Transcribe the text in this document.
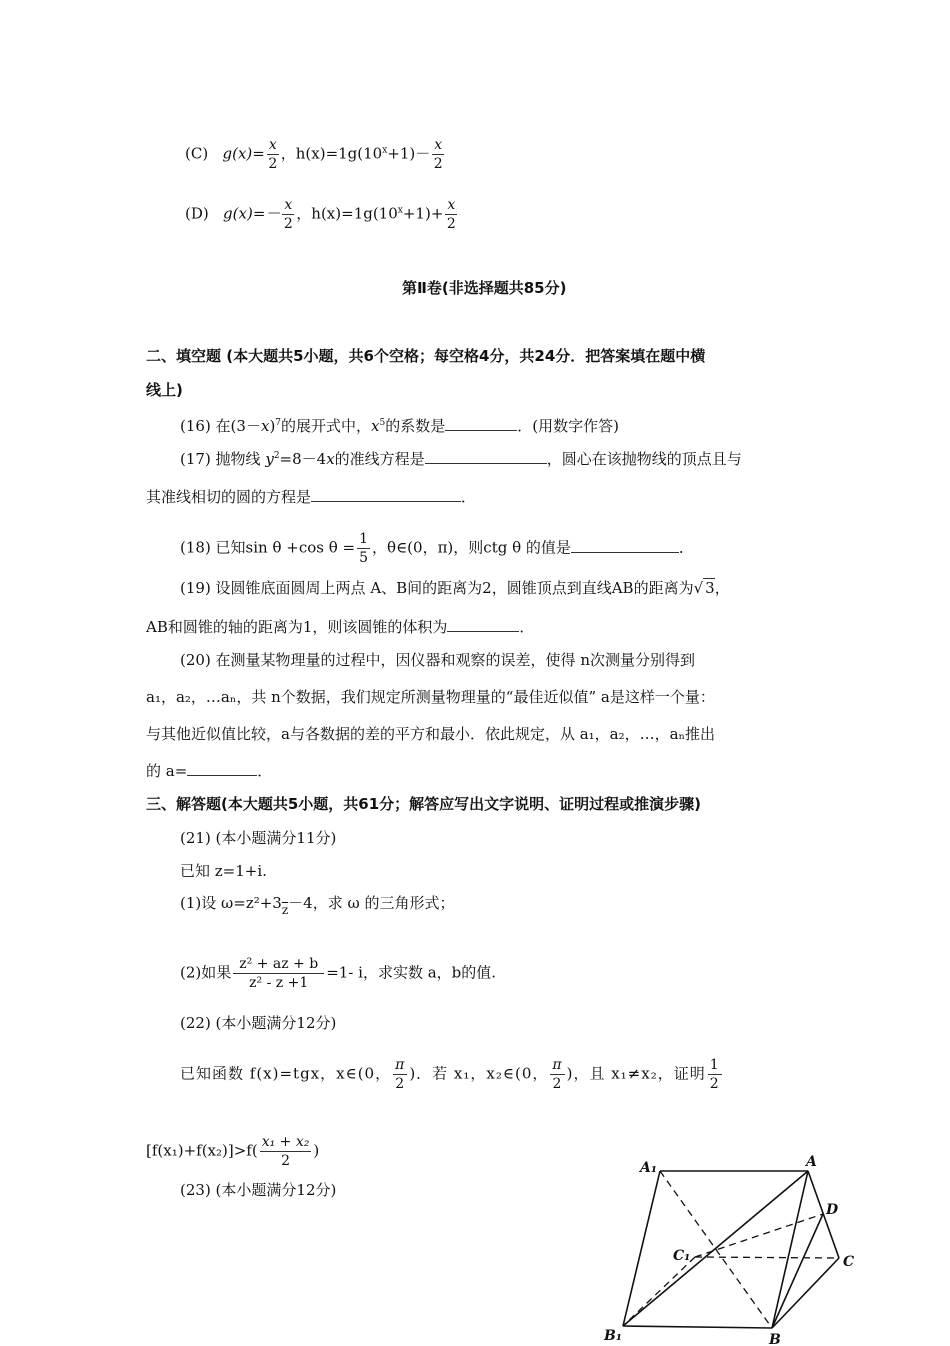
(C) $g(x)= \frac{x}{2}$ ，$h(x)=1g(10^x+1)- \frac{x}{2}$
(D) $g(x)=- \frac{x}{2}$ ，$h(x)=1g(10^x+1)+ \frac{x}{2}$
第Ⅱ卷(非选择题共85分)
二、填空题 (本大题共5小题，共6个空格；每空格4分，共24分．把答案填在题中横
线上)
(16) 在$(3-x)^7$的展开式中，$x^5$的系数是	．(用数字作答)
(17) 抛物线 $y^2=8-4x$的准线方程是	，圆心在该抛物线的顶点且与
其准线相切的圆的方程是	．
(18) 已知sin θ +cos $\theta = \frac{1}{5}$ ，θ∈(0，π)，则ctg θ 的值是	．
(19) 设圆锥底面圆周上两点 A、B间的距离为2，圆锥顶点到直线AB的距离为√ 3，
AB和圆锥的轴的距离为1，则该圆锥的体积为	．
(20) 在测量某物理量的过程中，因仪器和观察的误差，使得 n次测量分别得到
a₁，a₂，…aₙ，共 n个数据，我们规定所测量物理量的“最佳近似值” a是这样一个量：
与其他近似值比较，a与各数据的差的平方和最小．依此规定，从 a₁，a₂，…，aₙ推出
的 a=	．
三、解答题(本大题共5小题，共61分；解答应写出文字说明、证明过程或推演步骤)
(21) (本小题满分11分)
已知 z=1+i.
(1)设 $\omega=z^2+3_{\overline{z}}-4$，求 ω 的三角形式；
(2)如果 $\frac{\text{z² + az + b}}{\text{z² - z +1}} =1-$ i，求实数 a，b的值.
(22) (本小题满分12分)
已知函数 f(x)=tgx，x∈(0， $\frac{\pi}{2}$ )．若 x₁，x₂∈(0， $\frac{\pi}{2}$ )，且 x₁≠x₂，证明 $\frac{1}{2}$
$[f(x_1)+f(x_2)]>f( \frac{\text{x₁ + x₂}}{2}$ )
(23) (本小题满分12分)
A₁	A
D
C
C₁
B₁	B
